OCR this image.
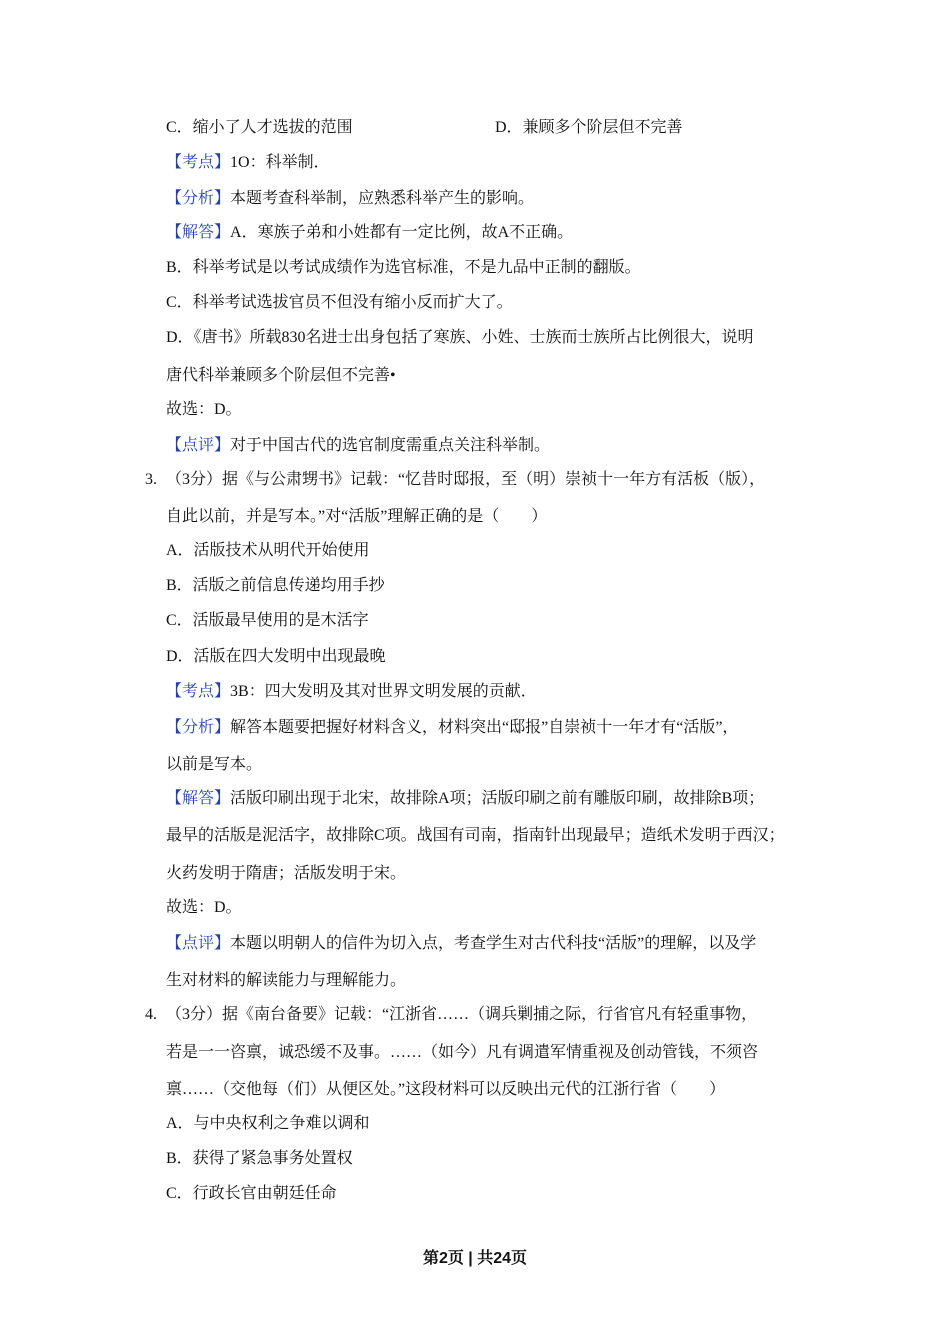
C．缩小了人才选拔的范围	D．兼顾多个阶层但不完善
【考点】1O：科举制．
【分析】本题考查科举制，应熟悉科举产生的影响。
【解答】A．寒族子弟和小姓都有一定比例，故A不正确。
B．科举考试是以考试成绩作为选官标准，不是九品中正制的翻版。
C．科举考试选拔官员不但没有缩小反而扩大了。
D．《唐书》所载830名进士出身包括了寒族、小姓、士族而士族所占比例很大，说明
唐代科举兼顾多个阶层但不完善•
故选：D。
【点评】对于中国古代的选官制度需重点关注科举制。
3. （3分）据《与公肃甥书》记载：“忆昔时邸报，至（明）崇祯十一年方有活板（版），
自此以前，并是写本。”对“活版”理解正确的是（　　）
A．活版技术从明代开始使用
B．活版之前信息传递均用手抄
C．活版最早使用的是木活字
D．活版在四大发明中出现最晚
【考点】3B：四大发明及其对世界文明发展的贡献．
【分析】解答本题要把握好材料含义，材料突出“邸报”自崇祯十一年才有“活版”，
以前是写本。
【解答】活版印刷出现于北宋，故排除A项；活版印刷之前有雕版印刷，故排除B项；
最早的活版是泥活字，故排除C项。战国有司南，指南针出现最早；造纸术发明于西汉；
火药发明于隋唐；活版发明于宋。
故选：D。
【点评】本题以明朝人的信件为切入点，考查学生对古代科技“活版”的理解，以及学
生对材料的解读能力与理解能力。
4. （3分）据《南台备要》记载：“江浙省……（调兵剿捕之际，行省官凡有轻重事物，
若是一一咨禀，诚恐缓不及事。……（如今）凡有调遣军情重视及创动管钱，不须咨
禀……（交他每（们）从便区处。”这段材料可以反映出元代的江浙行省（　　）
A．与中央权利之争难以调和
B．获得了紧急事务处置权
C．行政长官由朝廷任命
第2页 | 共24页
